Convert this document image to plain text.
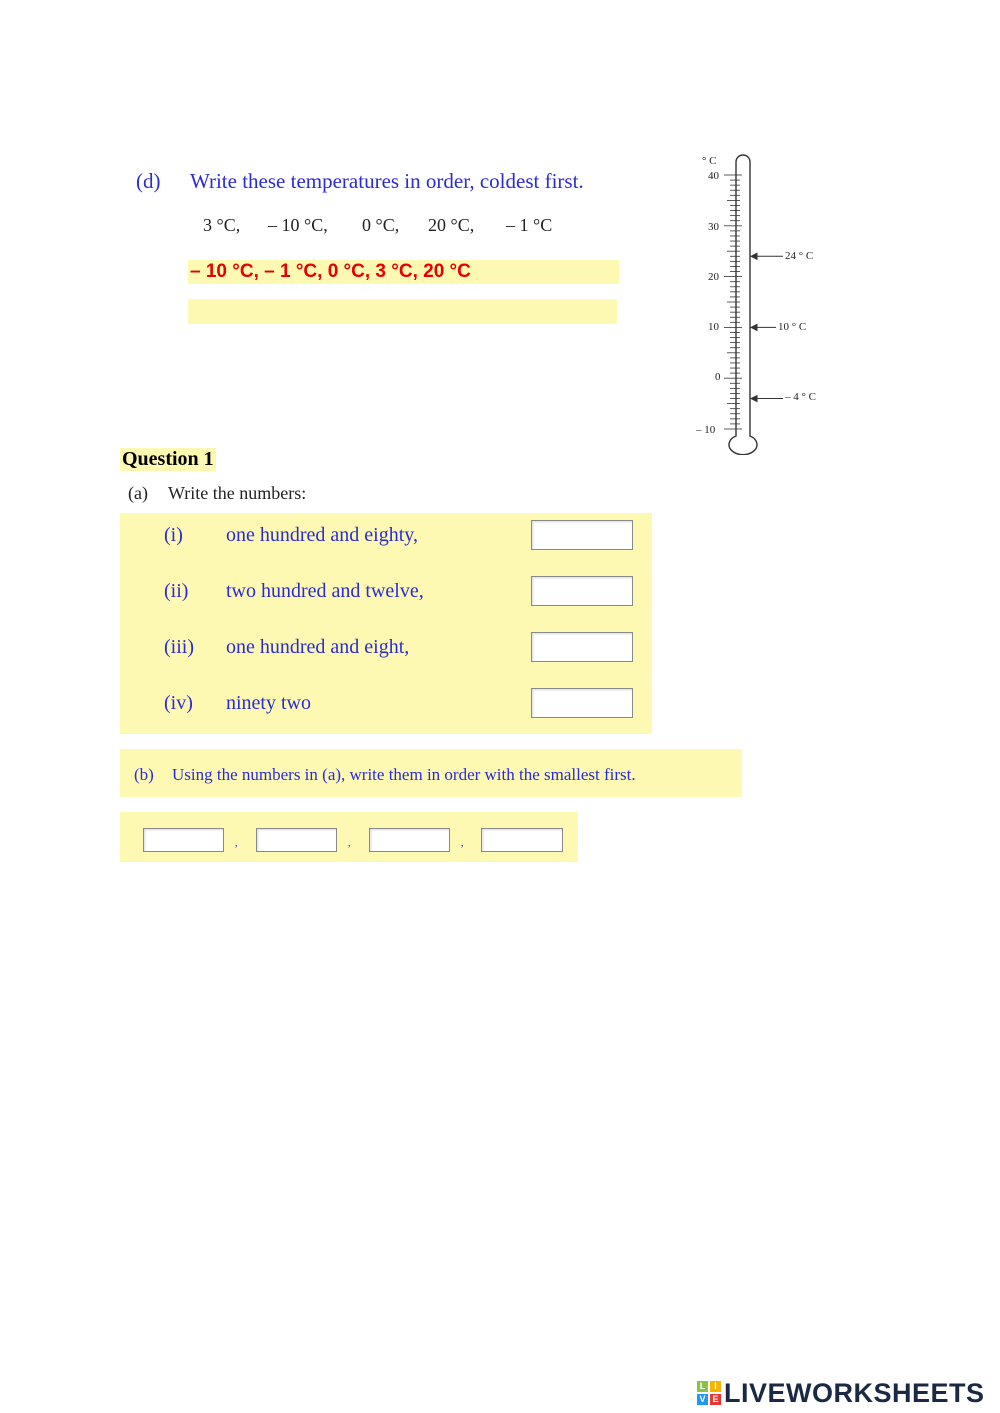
(d) Write these temperatures in order, coldest first.
3 °C, – 10 °C, 0 °C, 20 °C, – 1 °C
– 10 °C, – 1 °C, 0 °C, 3 °C, 20 °C
° C
40
30
20
10
0
– 10
24 ° C
10 ° C
– 4 ° C
Question 1
(a) Write the numbers:
(i) one hundred and eighty,
(ii) two hundred and twelve,
(iii) one hundred and eight,
(iv) ninety two
(b) Using the numbers in (a), write them in order with the smallest first.
,	,	,
L I
V E LIVEWORKSHEETS
